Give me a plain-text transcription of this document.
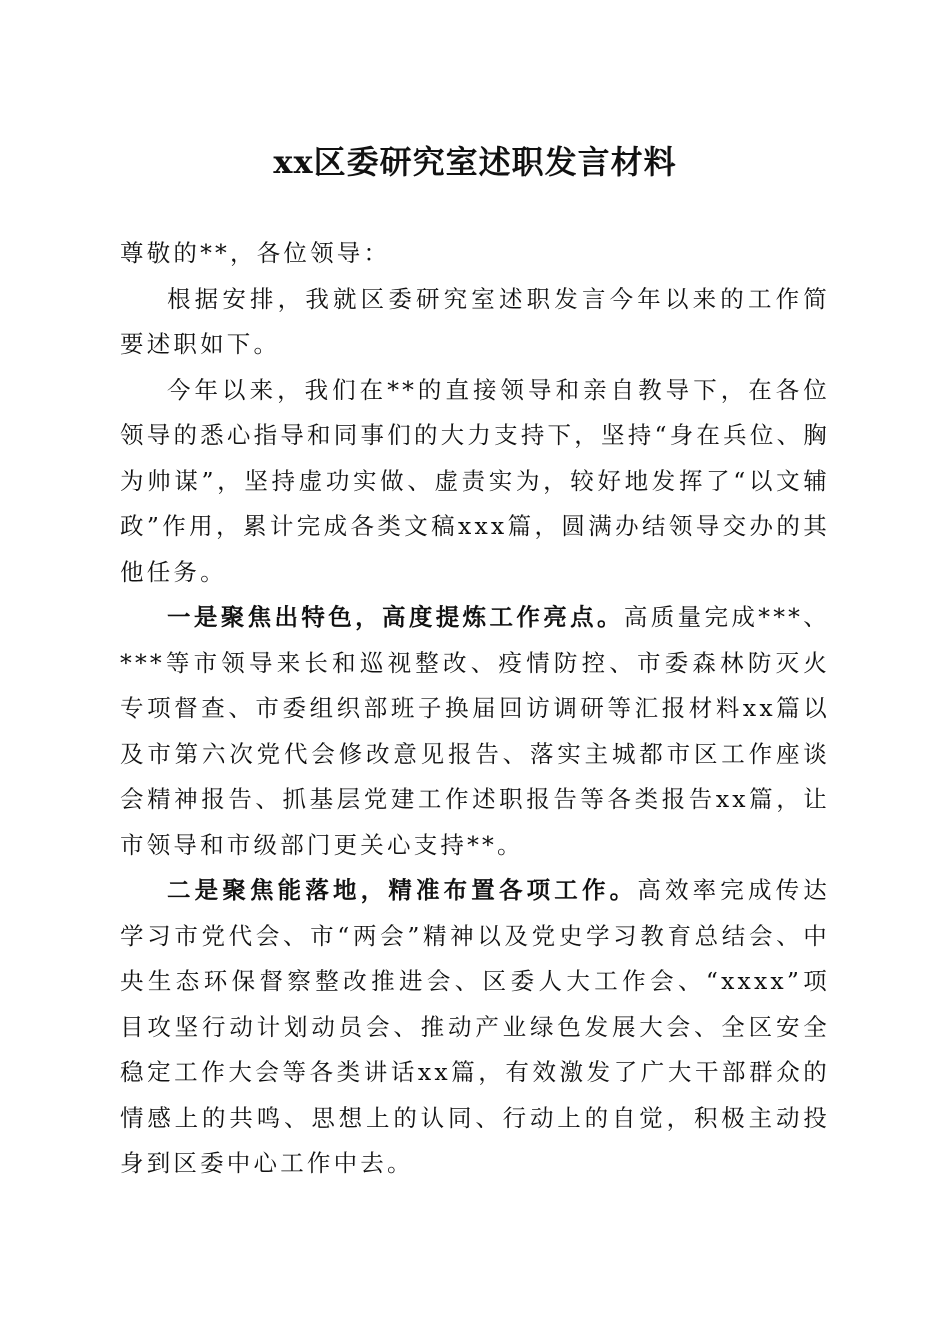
xx区委研究室述职发言材料

尊敬的**，各位领导：

根据安排，我就区委研究室述职发言今年以来的工作简要述职如下。

今年以来，我们在**的直接领导和亲自教导下，在各位领导的悉心指导和同事们的大力支持下，坚持“身在兵位、胸为帅谋”，坚持虚功实做、虚责实为，较好地发挥了“以文辅政”作用，累计完成各类文稿xxx篇，圆满办结领导交办的其他任务。

一是聚焦出特色，高度提炼工作亮点。高质量完成***、***等市领导来长和巡视整改、疫情防控、市委森林防灭火专项督查、市委组织部班子换届回访调研等汇报材料xx篇以及市第六次党代会修改意见报告、落实主城都市区工作座谈会精神报告、抓基层党建工作述职报告等各类报告xx篇，让市领导和市级部门更关心支持**。

二是聚焦能落地，精准布置各项工作。高效率完成传达学习市党代会、市“两会”精神以及党史学习教育总结会、中央生态环保督察整改推进会、区委人大工作会、“xxxx”项目攻坚行动计划动员会、推动产业绿色发展大会、全区安全稳定工作大会等各类讲话xx篇，有效激发了广大干部群众的情感上的共鸣、思想上的认同、行动上的自觉，积极主动投身到区委中心工作中去。
